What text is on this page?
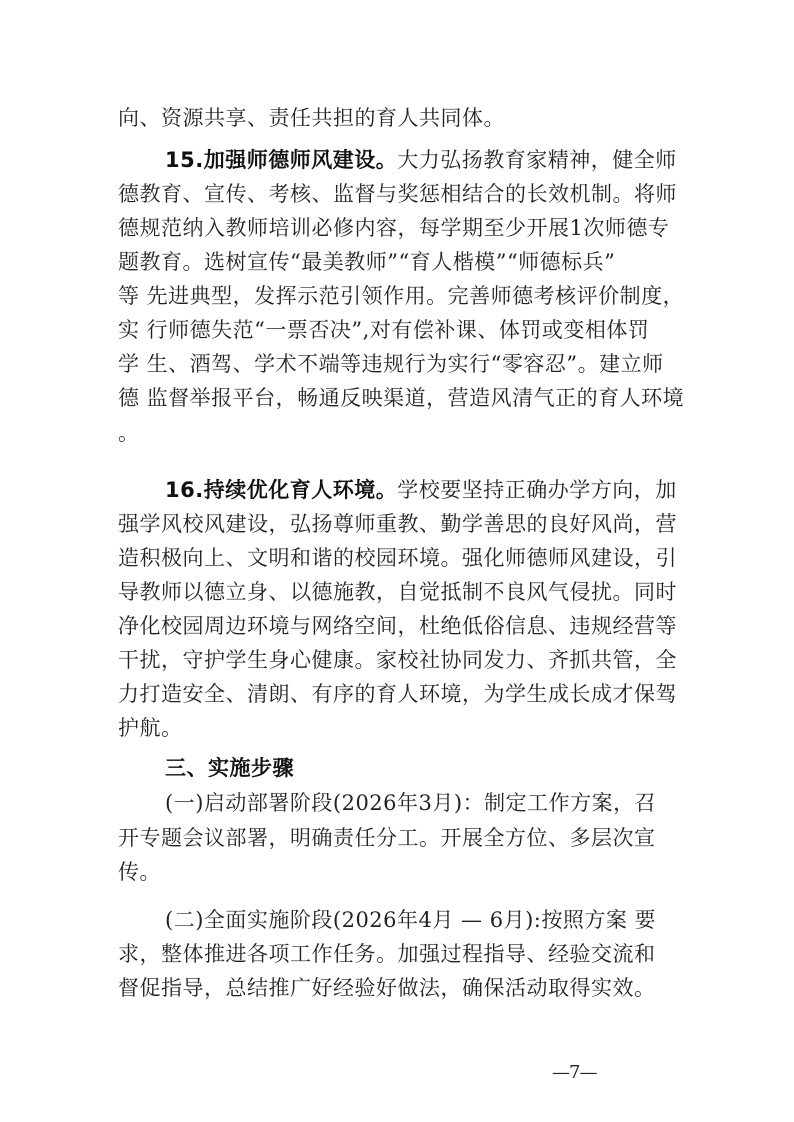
向、资源共享、责任共担的育人共同体。
15.加强师德师风建设。大力弘扬教育家精神，健全师
德教育、宣传、考核、监督与奖惩相结合的长效机制。将师
德规范纳入教师培训必修内容，每学期至少开展1次师德专
题教育。选树宣传“最美教师”“育人楷模”“师德标兵”
等 先进典型，发挥示范引领作用。完善师德考核评价制度，
实 行师德失范“一票否决”,对有偿补课、体罚或变相体罚
学 生、酒驾、学术不端等违规行为实行“零容忍”。建立师
德 监督举报平台，畅通反映渠道，营造风清气正的育人环境
。
16.持续优化育人环境。学校要坚持正确办学方向，加
强学风校风建设，弘扬尊师重教、勤学善思的良好风尚，营
造积极向上、文明和谐的校园环境。强化师德师风建设，引
导教师以德立身、以德施教，自觉抵制不良风气侵扰。同时
净化校园周边环境与网络空间，杜绝低俗信息、违规经营等
干扰，守护学生身心健康。家校社协同发力、齐抓共管，全
力打造安全、清朗、有序的育人环境，为学生成长成才保驾
护航。
三、实施步骤
(一)启动部署阶段(2026年3月)：制定工作方案，召
开专题会议部署，明确责任分工。开展全方位、多层次宣
传。
(二)全面实施阶段(2026年4月 — 6月):按照方案 要
求，整体推进各项工作任务。加强过程指导、经验交流和
督促指导，总结推广好经验好做法，确保活动取得实效。
—7—
